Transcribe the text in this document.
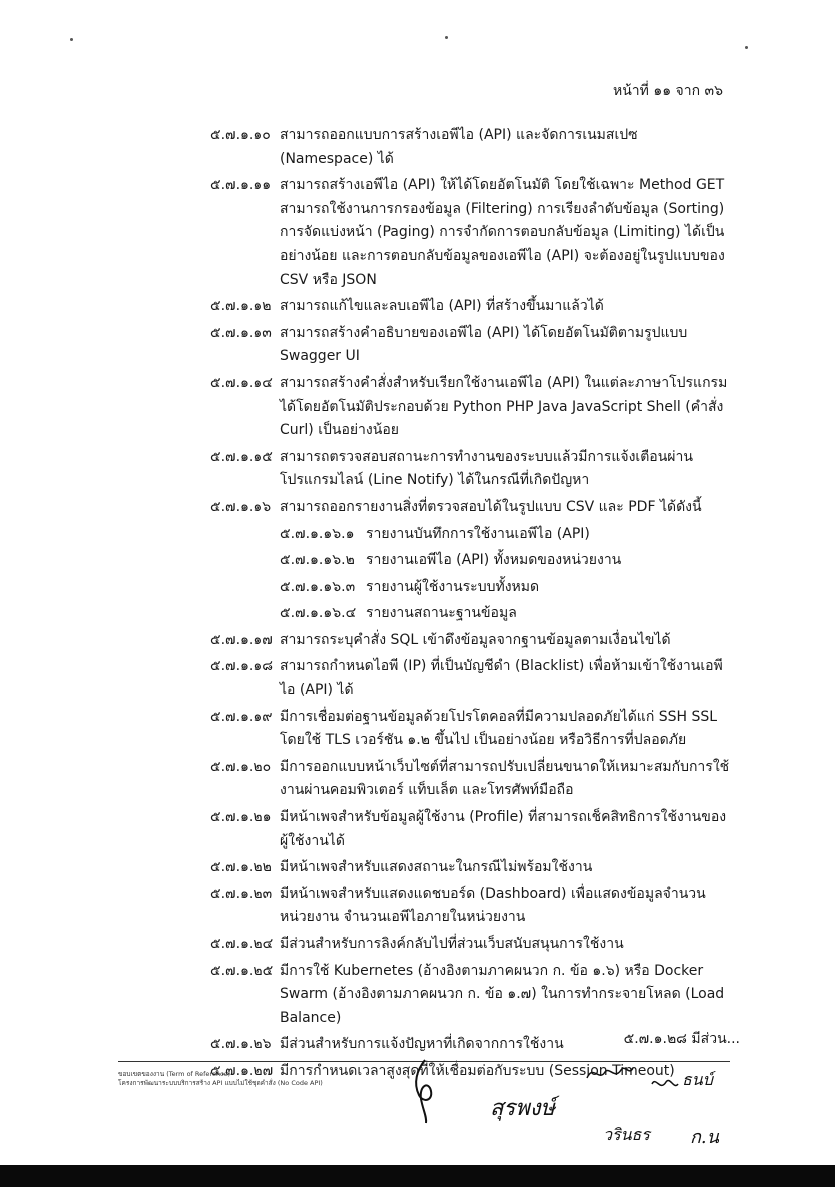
หน้าที่ ๑๑ จาก ๓๖
๕.๗.๑.๑๐ สามารถออกแบบการสร้างเอพีไอ (API) และจัดการเนมสเปซ (Namespace) ได้
๕.๗.๑.๑๑ สามารถสร้างเอพีไอ (API) ให้ได้โดยอัตโนมัติ โดยใช้เฉพาะ Method GET สามารถใช้งานการกรองข้อมูล (Filtering) การเรียงลำดับข้อมูล (Sorting) การจัดแบ่งหน้า (Paging) การจำกัดการตอบกลับข้อมูล (Limiting) ได้เป็นอย่างน้อย และการตอบกลับข้อมูลของเอพีไอ (API) จะต้องอยู่ในรูปแบบของ CSV หรือ JSON
๕.๗.๑.๑๒ สามารถแก้ไขและลบเอพีไอ (API) ที่สร้างขึ้นมาแล้วได้
๕.๗.๑.๑๓ สามารถสร้างคำอธิบายของเอพีไอ (API) ได้โดยอัตโนมัติตามรูปแบบ Swagger UI
๕.๗.๑.๑๔ สามารถสร้างคำสั่งสำหรับเรียกใช้งานเอพีไอ (API) ในแต่ละภาษาโปรแกรมได้โดยอัตโนมัติประกอบด้วย Python PHP Java JavaScript Shell (คำสั่ง Curl) เป็นอย่างน้อย
๕.๗.๑.๑๕ สามารถตรวจสอบสถานะการทำงานของระบบแล้วมีการแจ้งเตือนผ่านโปรแกรมไลน์ (Line Notify) ได้ในกรณีที่เกิดปัญหา
๕.๗.๑.๑๖ สามารถออกรายงานสิ่งที่ตรวจสอบได้ในรูปแบบ CSV และ PDF ได้ดังนี้
๕.๗.๑.๑๖.๑ รายงานบันทึกการใช้งานเอพีไอ (API)
๕.๗.๑.๑๖.๒ รายงานเอพีไอ (API) ทั้งหมดของหน่วยงาน
๕.๗.๑.๑๖.๓ รายงานผู้ใช้งานระบบทั้งหมด
๕.๗.๑.๑๖.๔ รายงานสถานะฐานข้อมูล
๕.๗.๑.๑๗ สามารถระบุคำสั่ง SQL เข้าดึงข้อมูลจากฐานข้อมูลตามเงื่อนไขได้
๕.๗.๑.๑๘ สามารถกำหนดไอพี (IP) ที่เป็นบัญชีดำ (Blacklist) เพื่อห้ามเข้าใช้งานเอพีไอ (API) ได้
๕.๗.๑.๑๙ มีการเชื่อมต่อฐานข้อมูลด้วยโปรโตคอลที่มีความปลอดภัยได้แก่ SSH SSL โดยใช้ TLS เวอร์ชัน ๑.๒ ขึ้นไป เป็นอย่างน้อย หรือวิธีการที่ปลอดภัย
๕.๗.๑.๒๐ มีการออกแบบหน้าเว็บไซต์ที่สามารถปรับเปลี่ยนขนาดให้เหมาะสมกับการใช้งานผ่านคอมพิวเตอร์ แท็บเล็ต และโทรศัพท์มือถือ
๕.๗.๑.๒๑ มีหน้าเพจสำหรับข้อมูลผู้ใช้งาน (Profile) ที่สามารถเช็คสิทธิการใช้งานของผู้ใช้งานได้
๕.๗.๑.๒๒ มีหน้าเพจสำหรับแสดงสถานะในกรณีไม่พร้อมใช้งาน
๕.๗.๑.๒๓ มีหน้าเพจสำหรับแสดงแดชบอร์ด (Dashboard) เพื่อแสดงข้อมูลจำนวนหน่วยงาน จำนวนเอพีไอภายในหน่วยงาน
๕.๗.๑.๒๔ มีส่วนสำหรับการลิงค์กลับไปที่ส่วนเว็บสนับสนุนการใช้งาน
๕.๗.๑.๒๕ มีการใช้ Kubernetes (อ้างอิงตามภาคผนวก ก. ข้อ ๑.๖) หรือ Docker Swarm (อ้างอิงตามภาคผนวก ก. ข้อ ๑.๗) ในการทำกระจายโหลด (Load Balance)
๕.๗.๑.๒๖ มีส่วนสำหรับการแจ้งปัญหาที่เกิดจากการใช้งาน
๕.๗.๑.๒๗ มีการกำหนดเวลาสูงสุดที่ให้เชื่อมต่อกับระบบ (Session Timeout)
๕.๗.๑.๒๘ มีส่วน...
ขอบเขตของงาน (Term of Reference)
โครงการพัฒนาระบบบริการสร้าง API แบบไม่ใช้ชุดคำสั่ง (No Code API)
สุรพงษ์
วรินธร
ธนบ์
ก.น
